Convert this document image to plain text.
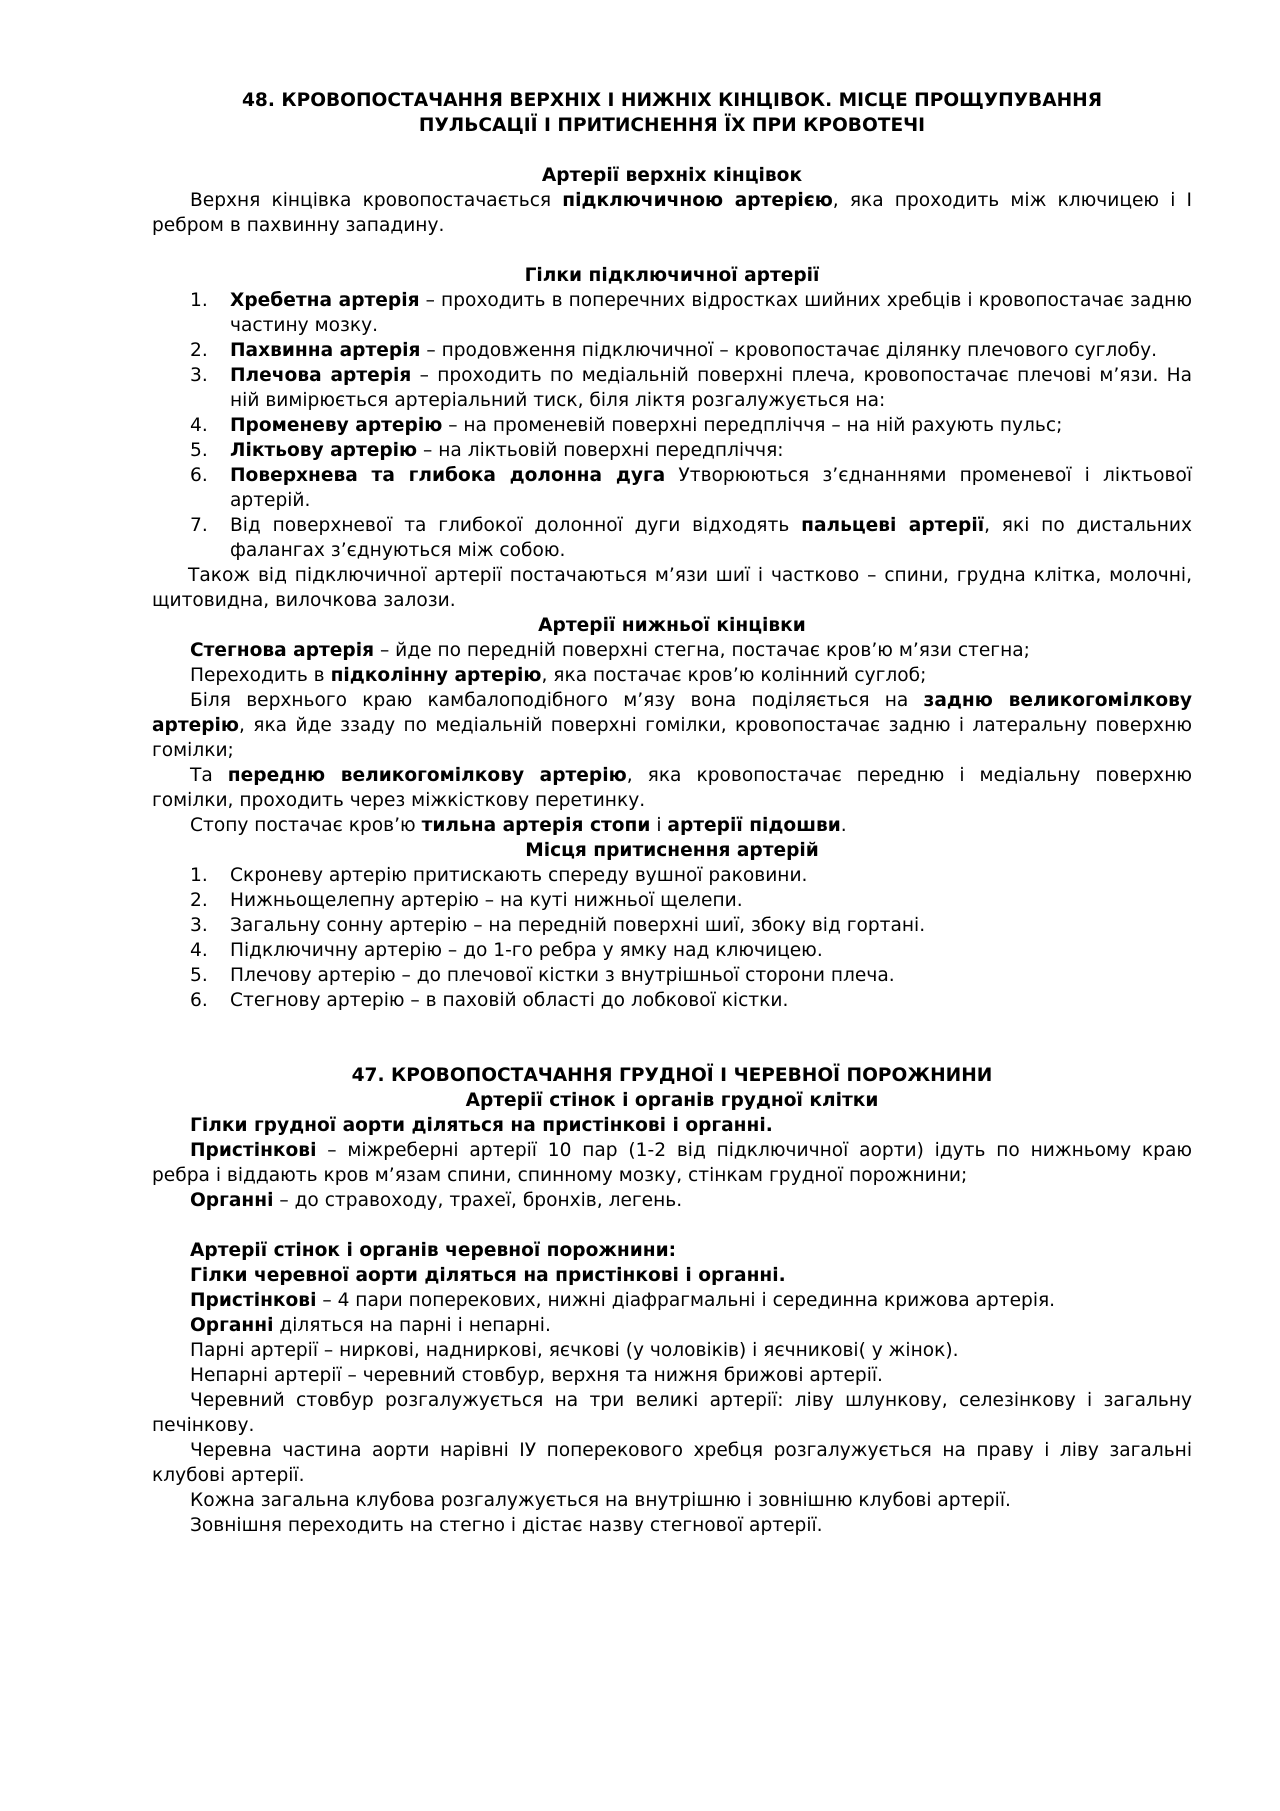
48. КРОВОПОСТАЧАННЯ ВЕРХНІХ І НИЖНІХ КІНЦІВОК. МІСЦЕ ПРОЩУПУВАННЯ

ПУЛЬСАЦІЇ І ПРИТИСНЕННЯ ЇХ ПРИ КРОВОТЕЧІ

Артерії верхніх кінцівок

Верхня кінцівка кровопостачається підключичною артерією, яка проходить між ключицею і І ребром в пахвинну западину.

Гілки підключичної артерії

1. Хребетна артерія – проходить в поперечних відростках шийних хребців і кровопостачає задню частину мозку.
2. Пахвинна артерія – продовження підключичної – кровопостачає ділянку плечового суглобу.
3. Плечова артерія – проходить по медіальній поверхні плеча, кровопостачає плечові м’язи. На ній вимірюється артеріальний тиск, біля ліктя розгалужується на:
4. Променеву артерію – на променевій поверхні передпліччя – на ній рахують пульс;
5. Ліктьову артерію – на ліктьовій поверхні передпліччя:
6. Поверхнева та глибока долонна дуга Утворюються з’єднаннями променевої і ліктьової артерій.
7. Від поверхневої та глибокої долонної дуги відходять пальцеві артерії, які по дистальних фалангах з’єднуються між собою.

Також від підключичної артерії постачаються м’язи шиї і частково – спини, грудна клітка, молочні, щитовидна, вилочкова залози.

Артерії нижньої кінцівки

Стегнова артерія – йде по передній поверхні стегна, постачає кров’ю м’язи стегна;

Переходить в підколінну артерію, яка постачає кров’ю колінний суглоб;

Біля верхнього краю камбалоподібного м’язу вона поділяється на задню великогомілкову артерію, яка йде ззаду по медіальній поверхні гомілки, кровопостачає задню і латеральну поверхню гомілки;

Та передню великогомілкову артерію, яка кровопостачає передню і медіальну поверхню гомілки, проходить через міжкісткову перетинку.

Стопу постачає кров’ю тильна артерія стопи і артерії підошви.

Місця притиснення артерій

1. Скроневу артерію притискають спереду вушної раковини.
2. Нижньощелепну артерію – на куті нижньої щелепи.
3. Загальну сонну артерію – на передній поверхні шиї, збоку від гортані.
4. Підключичну артерію – до 1-го ребра у ямку над ключицею.
5. Плечову артерію – до плечової кістки з внутрішньої сторони плеча.
6. Стегнову артерію – в паховій області до лобкової кістки.

47. КРОВОПОСТАЧАННЯ ГРУДНОЇ І ЧЕРЕВНОЇ ПОРОЖНИНИ

Артерії стінок і органів грудної клітки

Гілки грудної аорти діляться на пристінкові і органні.

Пристінкові – міжреберні артерії 10 пар (1-2 від підключичної аорти) ідуть по нижньому краю ребра і віддають кров м’язам спини, спинному мозку, стінкам грудної порожнини;

Органні – до стравоходу, трахеї, бронхів, легень.

Артерії стінок і органів черевної порожнини:

Гілки черевної аорти діляться на пристінкові і органні.

Пристінкові – 4 пари поперекових, нижні діафрагмальні і серединна крижова артерія.

Органні діляться на парні і непарні.

Парні артерії – ниркові, надниркові, яєчкові (у чоловіків) і яєчникові( у жінок).

Непарні артерії – черевний стовбур, верхня та нижня брижові артерії.

Черевний стовбур розгалужується на три великі артерії: ліву шлункову, селезінкову і загальну печінкову.

Черевна частина аорти нарівні ІУ поперекового хребця розгалужується на праву і ліву загальні клубові артерії.

Кожна загальна клубова розгалужується на внутрішню і зовнішню клубові артерії.

Зовнішня переходить на стегно і дістає назву стегнової артерії.
